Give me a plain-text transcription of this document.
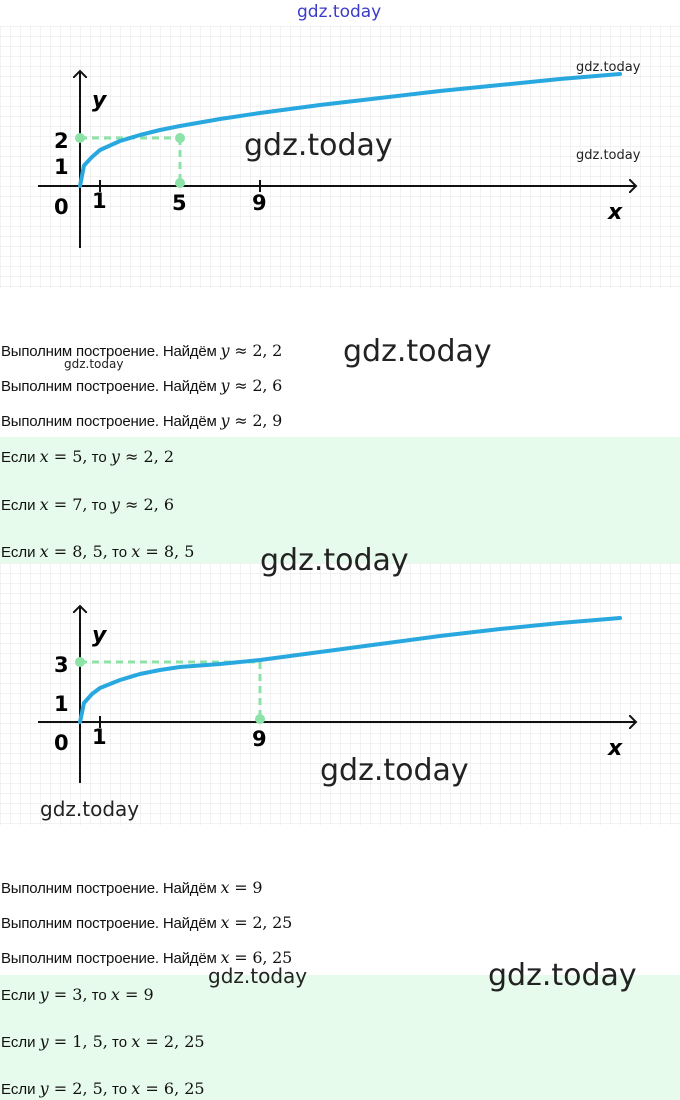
gdz.today
y
x
2
1
0 1	5	9
gdz.today
gdz.today
gdz.today
Выполним построение. Найдём y ≈ 2, 2 gdz.today
gdz.today
Выполним построение. Найдём y ≈ 2, 6
Выполним построение. Найдём y ≈ 2, 9
Если x = 5, то y ≈ 2, 2
Если x = 7, то y ≈ 2, 6
Если x = 8, 5, то x = 8, 5
y
x
3
1
0 1	9
gdz.today
gdz.today
Выполним построение. Найдём x = 9
Выполним построение. Найдём x = 2, 25
Выполним построение. Найдём x = 6, 25
Если y = 3, то x = 9
Если y = 1, 5, то x = 2, 25
Если y = 2, 5, то x = 6, 25
gdz.today	gdz.today
gdz.today
